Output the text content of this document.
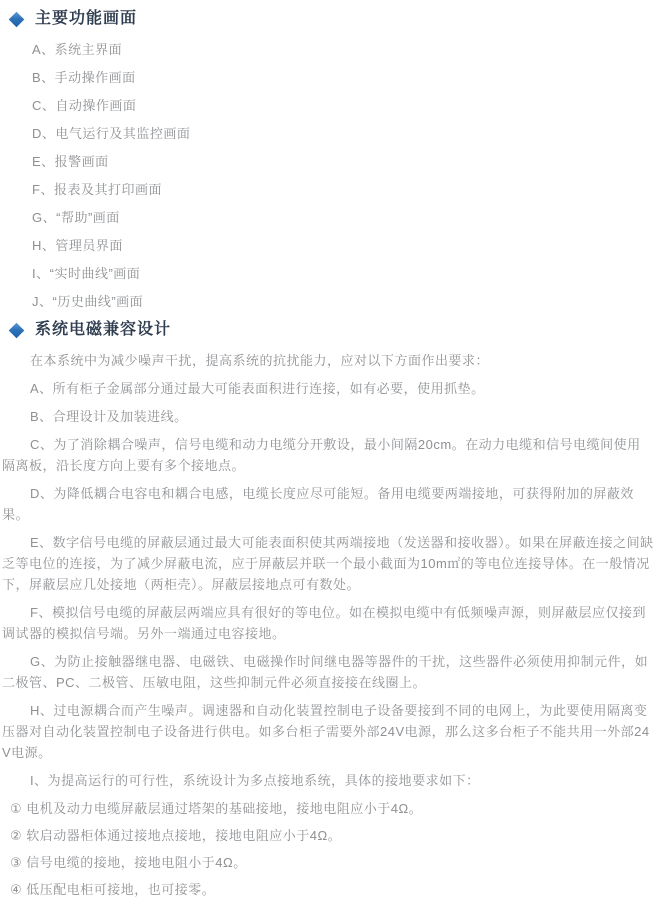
主要功能画面
A、系统主界面
B、手动操作画面
C、自动操作画面
D、电气运行及其监控画面
E、报警画面
F、报表及其打印画面
G、“帮助”画面
H、管理员界面
I、“实时曲线”画面
J、“历史曲线”画面
系统电磁兼容设计

在本系统中为减少噪声干扰，提高系统的抗扰能力，应对以下方面作出要求：

A、所有柜子金属部分通过最大可能表面积进行连接，如有必要，使用抓垫。

B、合理设计及加装进线。

C、为了消除耦合噪声，信号电缆和动力电缆分开敷设，最小间隔20cm。在动力电缆和信号电缆间使用隔离板，沿长度方向上要有多个接地点。

D、为降低耦合电容电和耦合电感，电缆长度应尽可能短。备用电缆要两端接地，可获得附加的屏蔽效果。

E、数字信号电缆的屏蔽层通过最大可能表面积使其两端接地（发送器和接收器）。如果在屏蔽连接之间缺乏等电位的连接，为了减少屏蔽电流，应于屏蔽层并联一个最小截面为10m㎡的等电位连接导体。在一般情况下，屏蔽层应几处接地（两柜壳）。屏蔽层接地点可有数处。

F、模拟信号电缆的屏蔽层两端应具有很好的等电位。如在模拟电缆中有低频噪声源，则屏蔽层应仅接到调试器的模拟信号端。另外一端通过电容接地。

G、为防止接触器继电器、电磁铁、电磁操作时间继电器等器件的干扰，这些器件必须使用抑制元件，如二极管、PC、二极管、压敏电阻，这些抑制元件必须直接接在线圈上。

H、过电源耦合而产生噪声。调速器和自动化装置控制电子设备要接到不同的电网上，为此要使用隔离变压器对自动化装置控制电子设备进行供电。如多台柜子需要外部24V电源，那么这多台柜子不能共用一外部24V电源。

I、为提高运行的可行性，系统设计为多点接地系统，具体的接地要求如下：

① 电机及动力电缆屏蔽层通过塔架的基础接地，接地电阻应小于4Ω。

② 软启动器柜体通过接地点接地，接地电阻应小于4Ω。

③ 信号电缆的接地，接地电阻小于4Ω。

④ 低压配电柜可接地，也可接零。
